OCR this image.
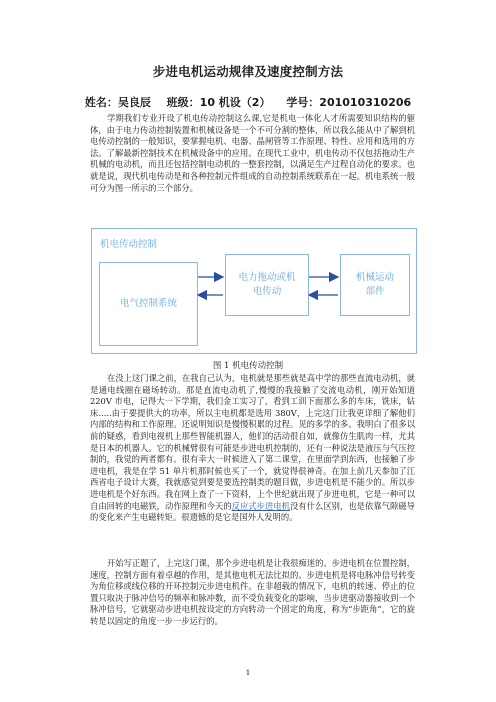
步进电机运动规律及速度控制方法
姓名：吴良辰 班级：10 机设（2） 学号：201010310206
学期我们专业开设了机电传动控制这么课,它是机电一体化人才所需要知识结构的躯体，由于电力传动控制装置和机械设备是一个不可分割的整体，所以我么能从中了解到机电传动控制的一般知识，要掌握电机、电器、晶闸管等工作原理、特性、应用和选用的方法。了解最新控制技术在机械设备中的应用。在现代工业中，机电传动不仅包括拖动生产机械的电动机，而且还包括控制电动机的一整套控制，以满足生产过程自动化的要求。也就是说，现代机电传动是和各种控制元件组成的自动控制系统联系在一起。机电系统一般可分为图一所示的三个部分。
机电传动控制
电气控制系统
电力拖动或机
电传动
机械运动
部件
图 1 机电传动控制
在没上这门课之前，在我自己认为，电机就是那些就是高中学的那些直流电动机，就是通电线圈在磁场转动。那是直流电动机了,慢慢的我接触了交流电动机，刚开始知道 220V 市电，记得大一下学期，我们金工实习了，看到工训下面那么多的车床，铣床，钻床.....由于要提供大的功率，所以主电机都是选用 380V，上完这门让我更详细了解他们内部的结构和工作原理。还说明知识是慢慢积累的过程。见的多学的多。我明白了很多以前的疑惑，看到电视机上那些智能机器人，他们的活动很自如，就像仿生肌肉一样，尤其是日本的机器人。它的机械臂很有可能是步进电机控制的，还有一种说法是液压与气压控制的，我觉的两者都有。很有幸大一时候进入了第二课堂，在里面学到东西，也接触了步进电机，我是在学 51 单片机那时候也买了一个，就觉得很神奇。在加上前几天参加了江西省电子设计大赛，我就感觉到要是要选控制类的题目做，步进电机是不能少的。所以步进电机是个好东西。我在网上查了一下资料，上个世纪就出现了步进电机，它是一种可以自由回转的电磁铁，动作原理和今天的反应式步进电机没有什么区别，也是依靠气隙磁导的变化来产生电磁转矩。很遗憾的是它是国外人发明的。
开始写正题了，上完这门课，那个步进电机是让我很痴迷的。步进电机在位置控制，速度，控制方面有着卓越的作用，是其他电机无法比拟的。步进电机是将电脉冲信号转变为角位移或线位移的开环控制元步进电机件。在非超载的情况下，电机的转速、停止的位置只取决于脉冲信号的频率和脉冲数，而不受负载变化的影响，当步进驱动器接收到一个脉冲信号，它就驱动步进电机按设定的方向转动一个固定的角度，称为“步距角”，它的旋转是以固定的角度一步一步运行的。
1
